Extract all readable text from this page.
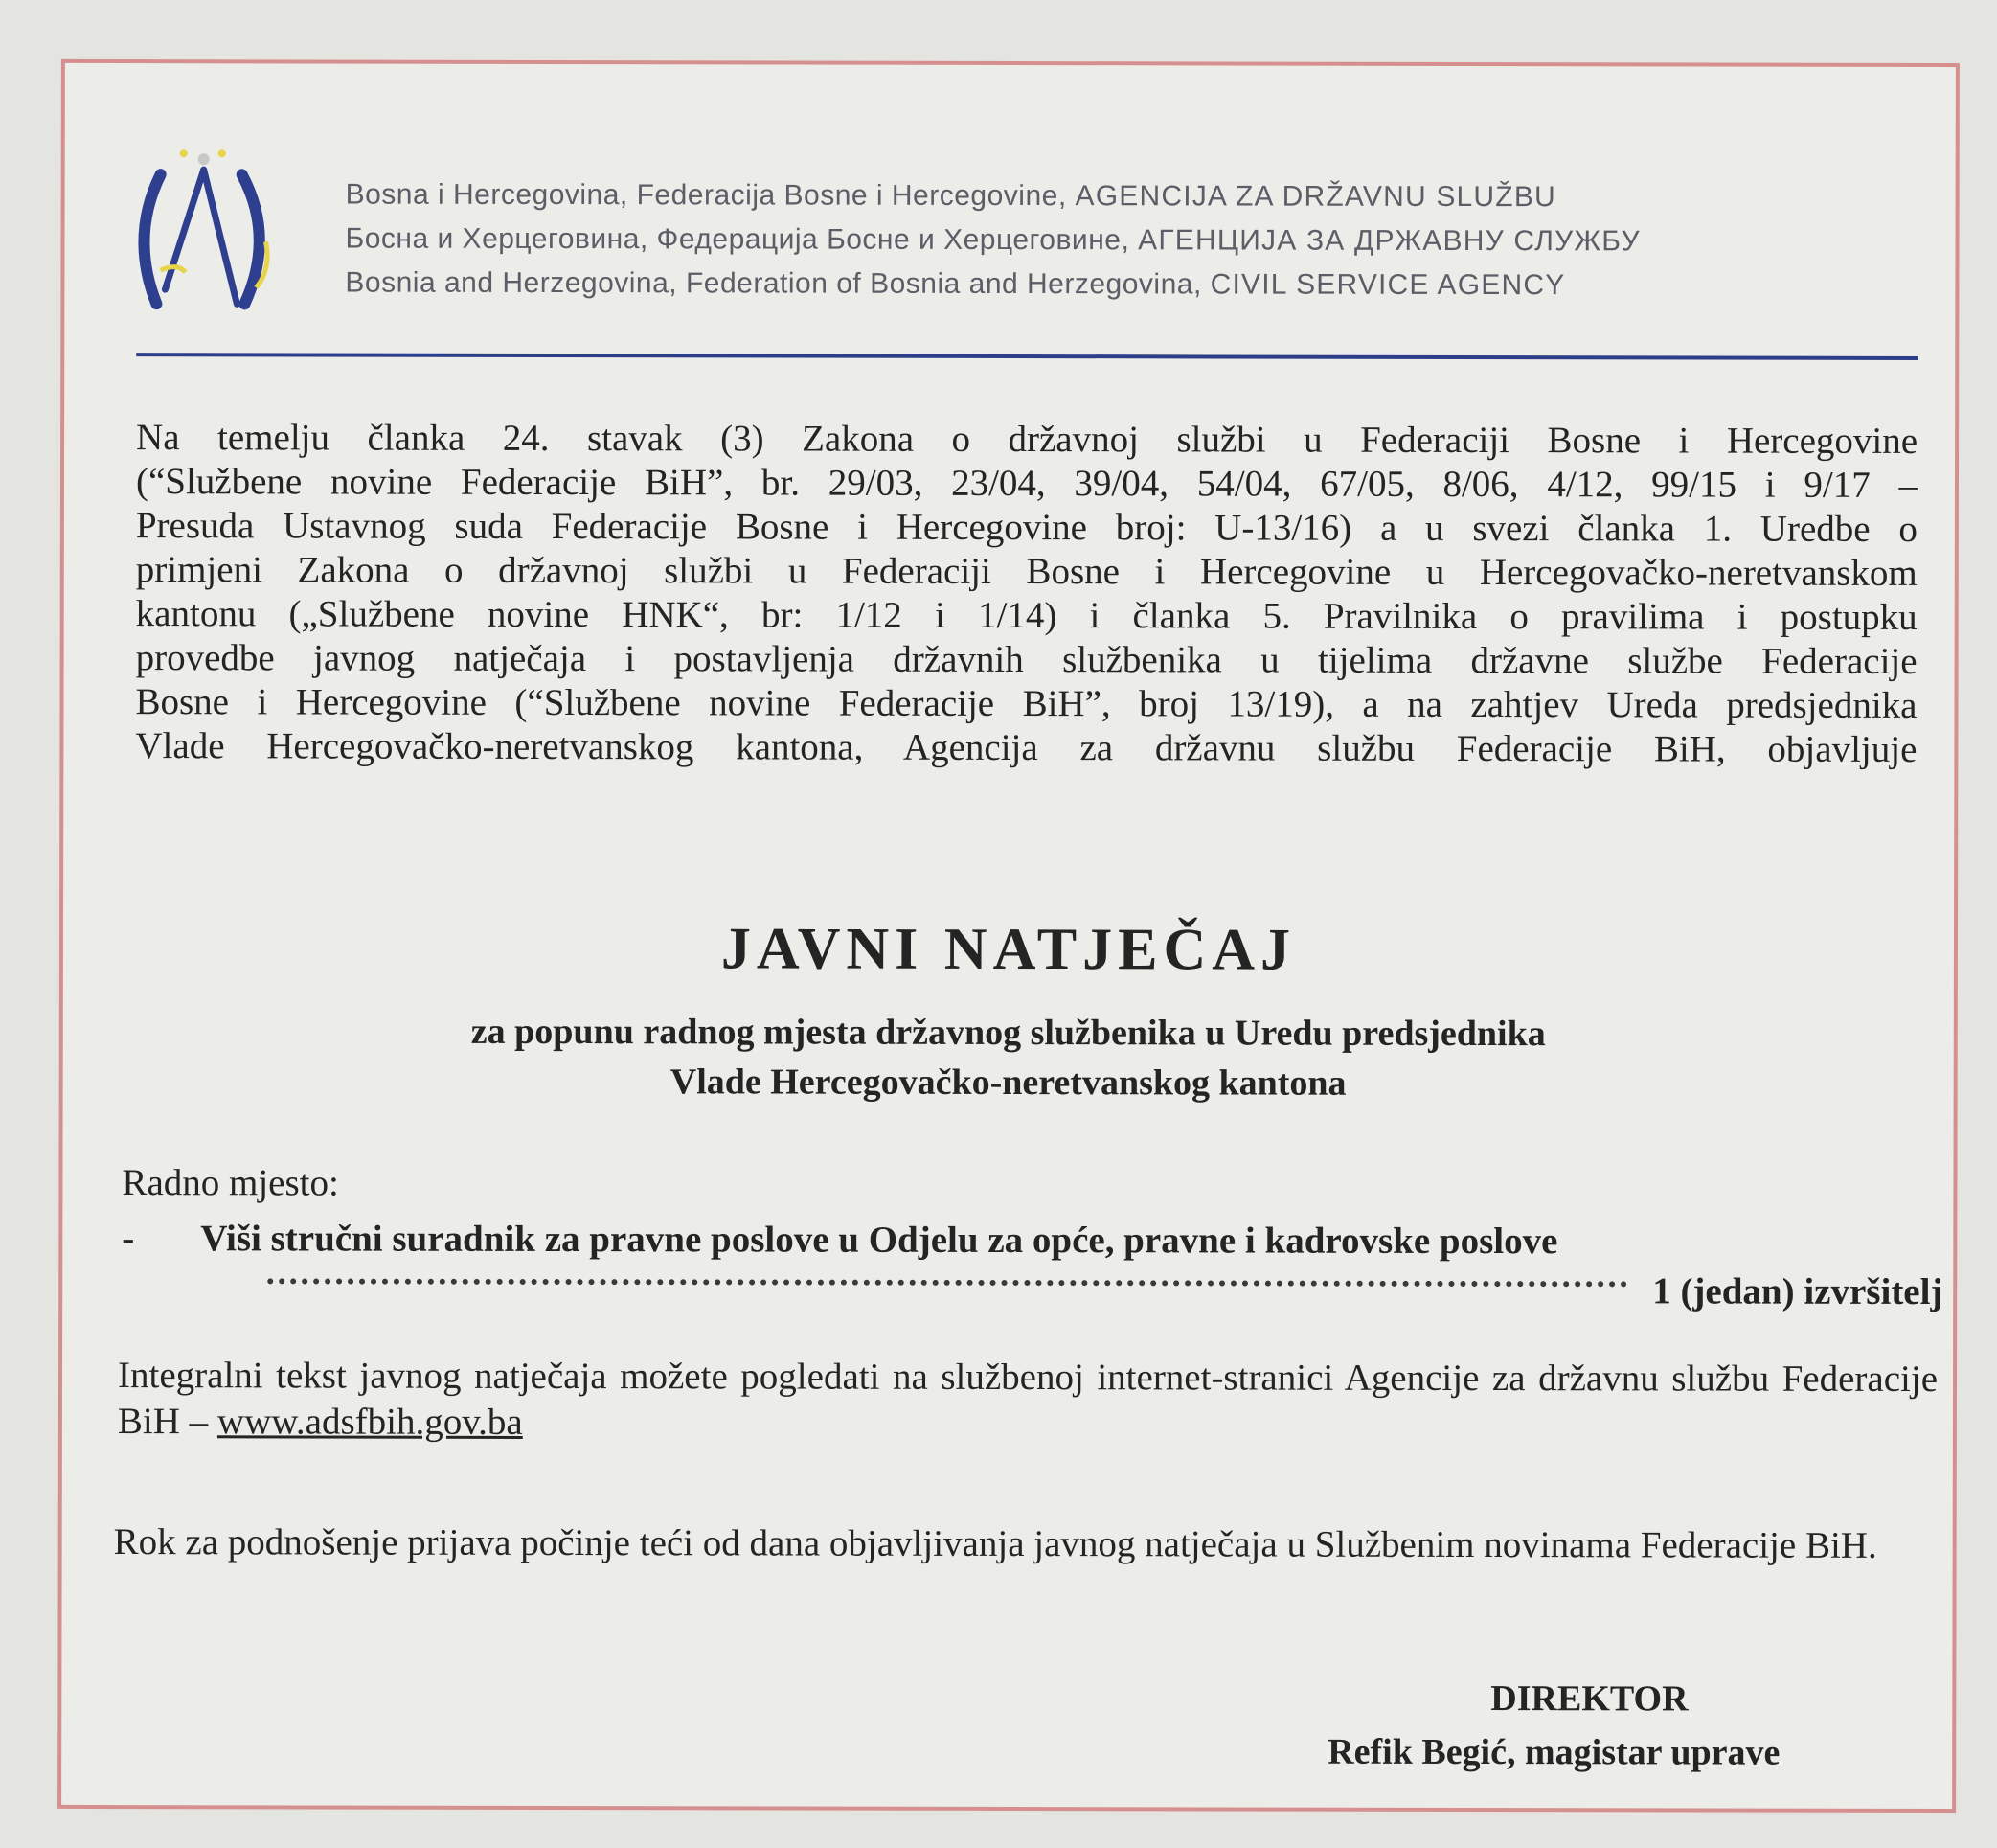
Bosna i Hercegovina, Federacija Bosne i Hercegovine, AGENCIJA ZA DRŽAVNU SLUŽBU
Босна и Херцеговина, Федерација Босне и Херцеговине, АГЕНЦИЈА ЗА ДРЖАВНУ СЛУЖБУ
Bosnia and Herzegovina, Federation of Bosnia and Herzegovina, CIVIL SERVICE AGENCY
Na temelju članka 24. stavak (3) Zakona o državnoj službi u Federaciji Bosne i Hercegovine
(“Službene novine Federacije BiH”, br. 29/03, 23/04, 39/04, 54/04, 67/05, 8/06, 4/12, 99/15 i 9/17 –
Presuda Ustavnog suda Federacije Bosne i Hercegovine broj: U-13/16) a u svezi članka 1. Uredbe o
primjeni Zakona o državnoj službi u Federaciji Bosne i Hercegovine u Hercegovačko-neretvanskom
kantonu („Službene novine HNK“, br: 1/12 i 1/14) i članka 5. Pravilnika o pravilima i postupku
provedbe javnog natječaja i postavljenja državnih službenika u tijelima državne službe Federacije
Bosne i Hercegovine (“Službene novine Federacije BiH”, broj 13/19), a na zahtjev Ureda predsjednika
Vlade Hercegovačko-neretvanskog kantona, Agencija za državnu službu Federacije BiH, objavljuje
JAVNI NATJEČAJ
za popunu radnog mjesta državnog službenika u Uredu predsjednika
Vlade Hercegovačko-neretvanskog kantona
Radno mjesto:
- Viši stručni suradnik za pravne poslove u Odjelu za opće, pravne i kadrovske poslove
1 (jedan) izvršitelj
Integralni tekst javnog natječaja možete pogledati na službenoj internet-stranici Agencije za državnu službu Federacije BiH – www.adsfbih.gov.ba
Rok za podnošenje prijava počinje teći od dana objavljivanja javnog natječaja u Službenim novinama Federacije BiH.
DIREKTOR
Refik Begić, magistar uprave
